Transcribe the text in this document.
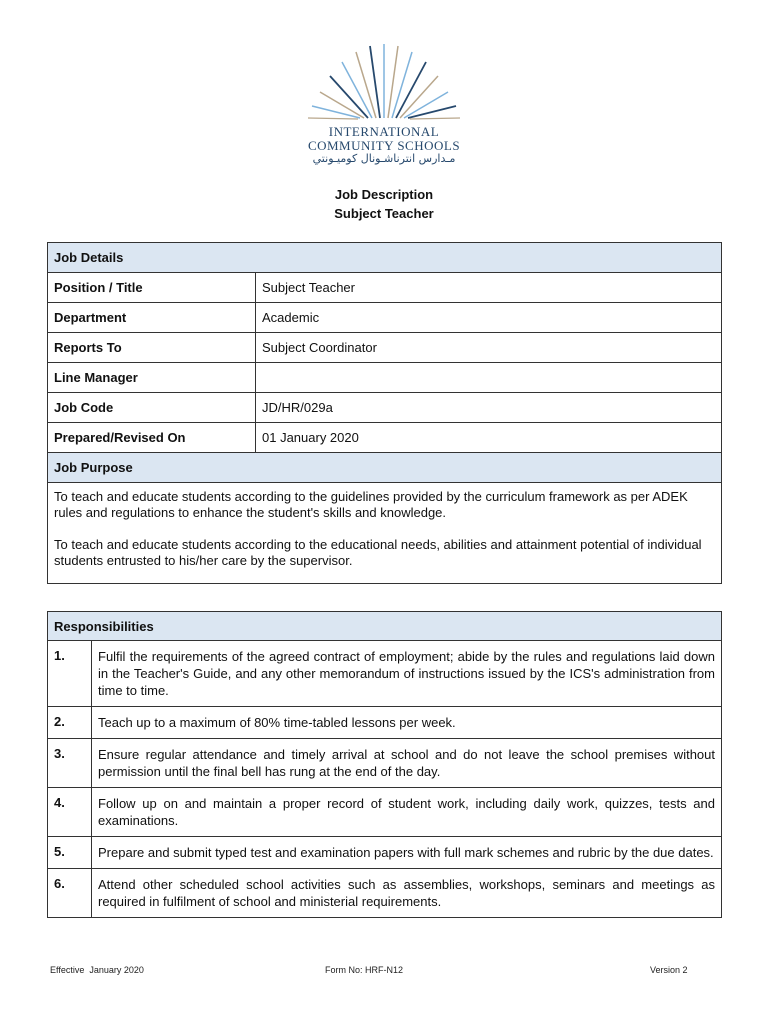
INTERNATIONAL
COMMUNITY SCHOOLS
مـدارس انترناشـونال كوميـونتي
Job Description
Subject Teacher
Job Details	
Position / Title	Subject Teacher
Department	Academic
Reports To	Subject Coordinator
Line Manager	
Job Code	JD/HR/029a
Prepared/Revised On	01 January 2020
Job Purpose	

To teach and educate students according to the guidelines provided by the curriculum framework as per ADEK rules and regulations to enhance the student's skills and knowledge.

To teach and educate students according to the educational needs, abilities and attainment potential of individual students entrusted to his/her care by the supervisor.	

Responsibilities	
1.	Fulfil the requirements of the agreed contract of employment; abide by the rules and regulations laid down in the Teacher's Guide, and any other memorandum of instructions issued by the ICS's administration from time to time.
2.	Teach up to a maximum of 80% time-tabled lessons per week.
3.	Ensure regular attendance and timely arrival at school and do not leave the school premises without permission until the final bell has rung at the end of the day.
4.	Follow up on and maintain a proper record of student work, including daily work, quizzes, tests and examinations.
5.	Prepare and submit typed test and examination papers with full mark schemes and rubric by the due dates.
6.	Attend other scheduled school activities such as assemblies, workshops, seminars and meetings as required in fulfilment of school and ministerial requirements.
Effective  January 2020	Form No: HRF-N12	Version 2
